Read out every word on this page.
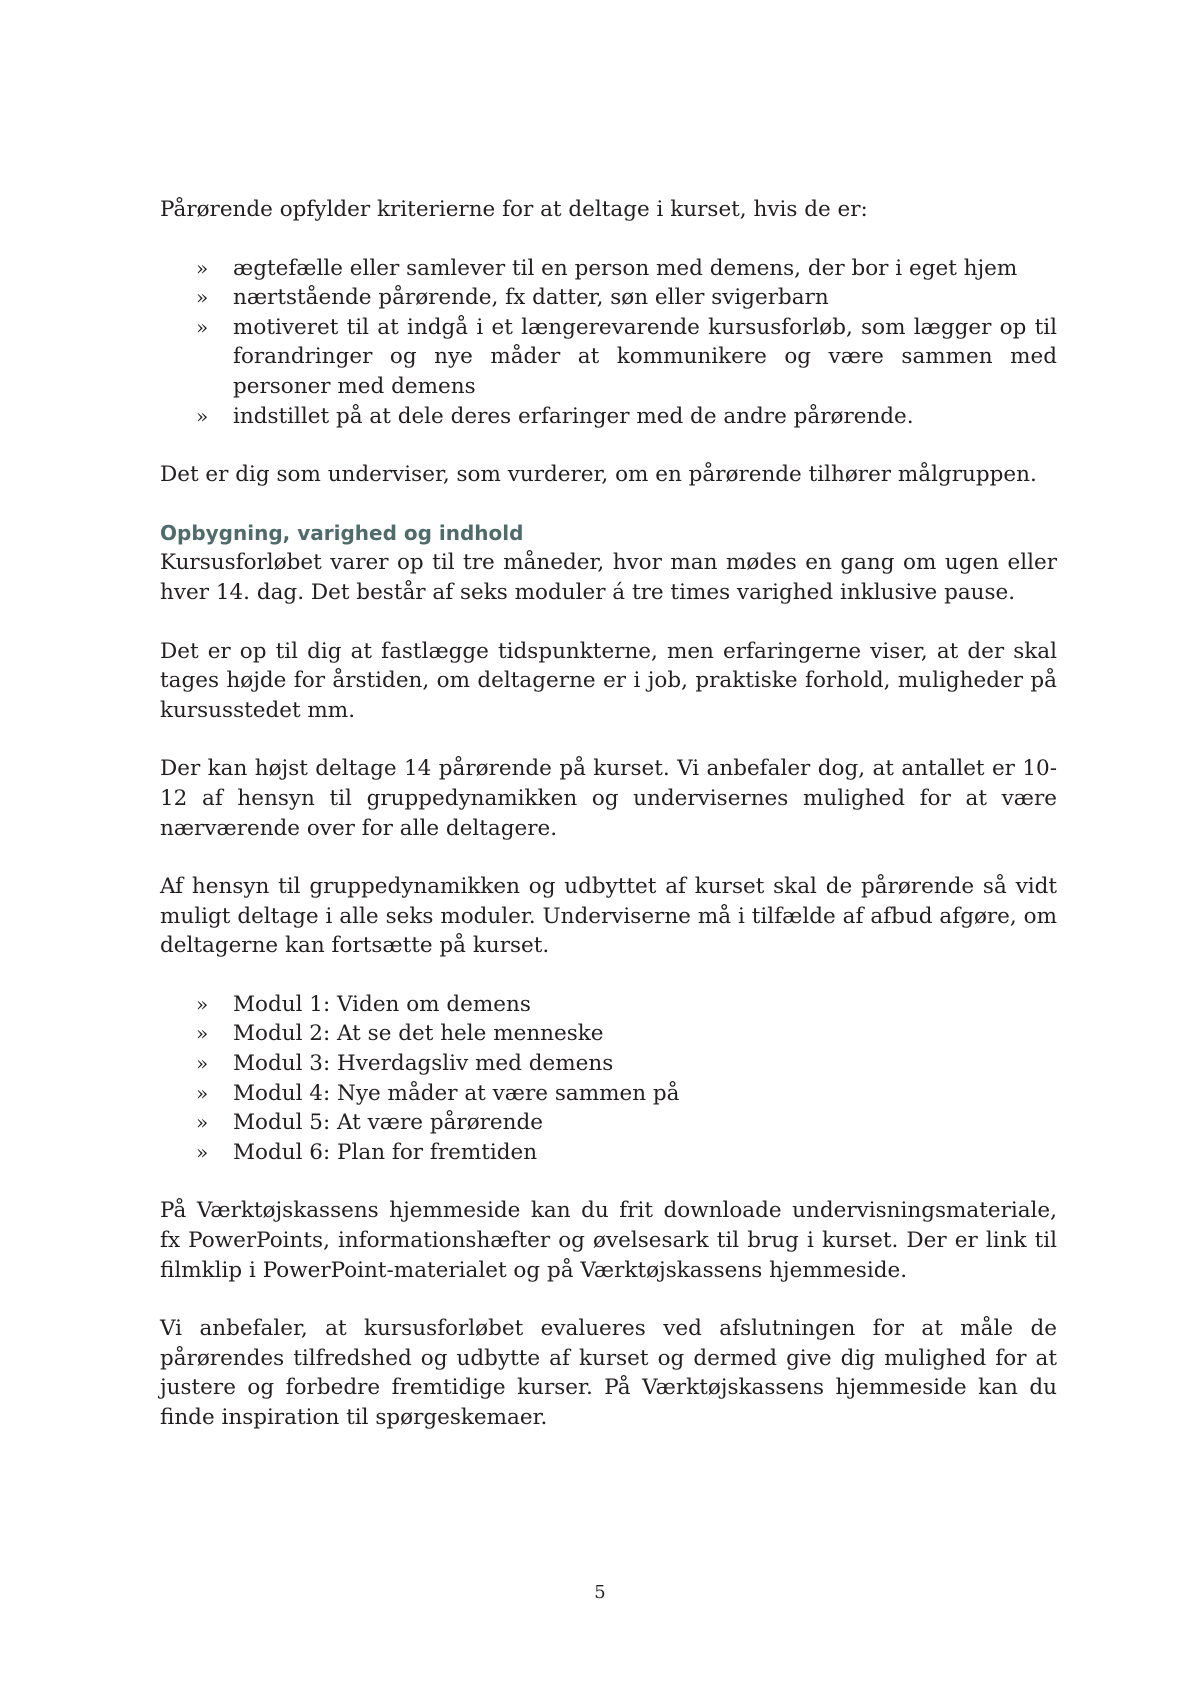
Pårørende opfylder kriterierne for at deltage i kurset, hvis de er:

» ægtefælle eller samlever til en person med demens, der bor i eget hjem
» nærtstående pårørende, fx datter, søn eller svigerbarn
» motiveret til at indgå i et længerevarende kursusforløb, som lægger op til forandringer og nye måder at kommunikere og være sammen med personer med demens
» indstillet på at dele deres erfaringer med de andre pårørende.

Det er dig som underviser, som vurderer, om en pårørende tilhører målgruppen.

Opbygning, varighed og indhold

Kursusforløbet varer op til tre måneder, hvor man mødes en gang om ugen eller hver 14. dag. Det består af seks moduler á tre times varighed inklusive pause.

Det er op til dig at fastlægge tidspunkterne, men erfaringerne viser, at der skal tages højde for årstiden, om deltagerne er i job, praktiske forhold, muligheder på kursusstedet mm.

Der kan højst deltage 14 pårørende på kurset. Vi anbefaler dog, at antallet er 10-12 af hensyn til gruppedynamikken og undervisernes mulighed for at være nærværende over for alle deltagere.

Af hensyn til gruppedynamikken og udbyttet af kurset skal de pårørende så vidt muligt deltage i alle seks moduler. Underviserne må i tilfælde af afbud afgøre, om deltagerne kan fortsætte på kurset.

» Modul 1: Viden om demens
» Modul 2: At se det hele menneske
» Modul 3: Hverdagsliv med demens
» Modul 4: Nye måder at være sammen på
» Modul 5: At være pårørende
» Modul 6: Plan for fremtiden

På Værktøjskassens hjemmeside kan du frit downloade undervisningsmateriale, fx PowerPoints, informationshæfter og øvelsesark til brug i kurset. Der er link til filmklip i PowerPoint-materialet og på Værktøjskassens hjemmeside.

Vi anbefaler, at kursusforløbet evalueres ved afslutningen for at måle de pårørendes tilfredshed og udbytte af kurset og dermed give dig mulighed for at justere og forbedre fremtidige kurser. På Værktøjskassens hjemmeside kan du finde inspiration til spørgeskemaer.

5
